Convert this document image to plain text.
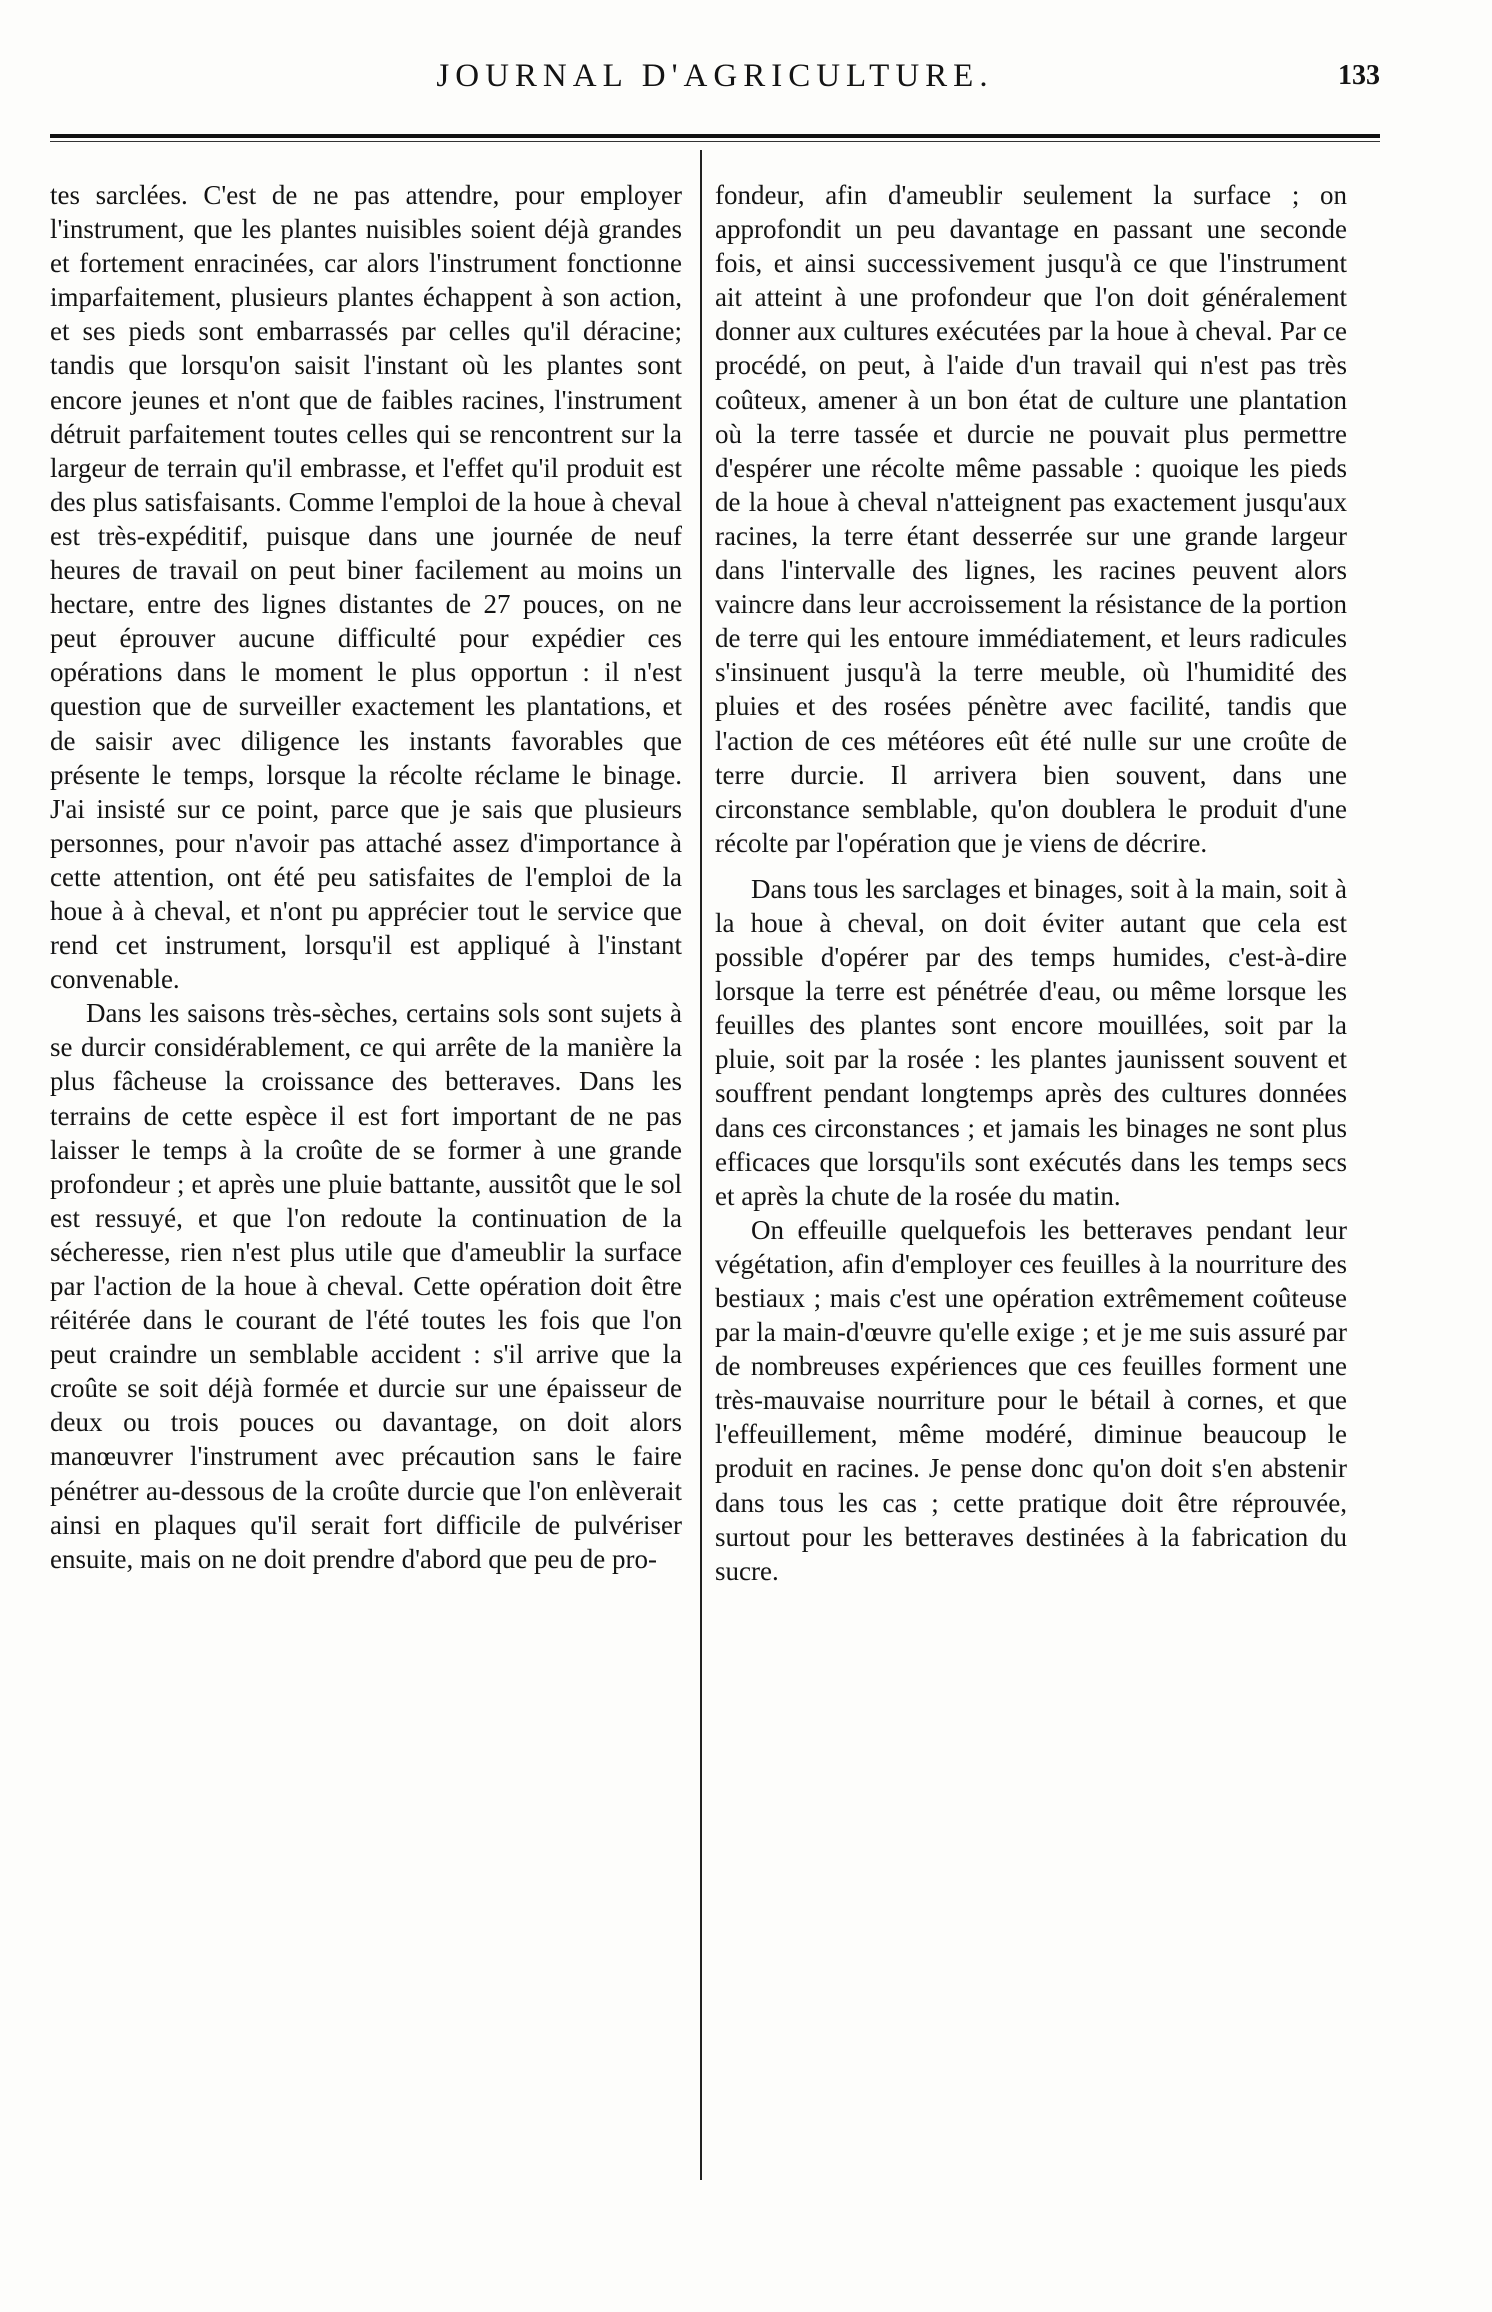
JOURNAL D'AGRICULTURE.	133

tes sarclées. C'est de ne pas attendre, pour employer l'instrument, que les plantes nuisibles soient déjà grandes et fortement enracinées, car alors l'instrument fonctionne imparfaitement, plusieurs plantes échappent à son action, et ses pieds sont embarrassés par celles qu'il déracine; tandis que lorsqu'on saisit l'instant où les plantes sont encore jeunes et n'ont que de faibles racines, l'instrument détruit parfaitement toutes celles qui se rencontrent sur la largeur de terrain qu'il embrasse, et l'effet qu'il produit est des plus satisfaisants. Comme l'emploi de la houe à cheval est très-expéditif, puisque dans une journée de neuf heures de travail on peut biner facilement au moins un hectare, entre des lignes distantes de 27 pouces, on ne peut éprouver aucune difficulté pour expédier ces opérations dans le moment le plus opportun : il n'est question que de surveiller exactement les plantations, et de saisir avec diligence les instants favorables que présente le temps, lorsque la récolte réclame le binage. J'ai insisté sur ce point, parce que je sais que plusieurs personnes, pour n'avoir pas attaché assez d'importance à cette attention, ont été peu satisfaites de l'emploi de la houe à à cheval, et n'ont pu apprécier tout le service que rend cet instrument, lorsqu'il est appliqué à l'instant convenable.

Dans les saisons très-sèches, certains sols sont sujets à se durcir considérablement, ce qui arrête de la manière la plus fâcheuse la croissance des betteraves. Dans les terrains de cette espèce il est fort important de ne pas laisser le temps à la croûte de se former à une grande profondeur ; et après une pluie battante, aussitôt que le sol est ressuyé, et que l'on redoute la continuation de la sécheresse, rien n'est plus utile que d'ameublir la surface par l'action de la houe à cheval. Cette opération doit être réitérée dans le courant de l'été toutes les fois que l'on peut craindre un semblable accident : s'il arrive que la croûte se soit déjà formée et durcie sur une épaisseur de deux ou trois pouces ou davantage, on doit alors manœuvrer l'instrument avec précaution sans le faire pénétrer au-dessous de la croûte durcie que l'on enlèverait ainsi en plaques qu'il serait fort difficile de pulvériser ensuite, mais on ne doit prendre d'abord que peu de pro-

fondeur, afin d'ameublir seulement la surface ; on approfondit un peu davantage en passant une seconde fois, et ainsi successivement jusqu'à ce que l'instrument ait atteint à une profondeur que l'on doit généralement donner aux cultures exécutées par la houe à cheval. Par ce procédé, on peut, à l'aide d'un travail qui n'est pas très coûteux, amener à un bon état de culture une plantation où la terre tassée et durcie ne pouvait plus permettre d'espérer une récolte même passable : quoique les pieds de la houe à cheval n'atteignent pas exactement jusqu'aux racines, la terre étant desserrée sur une grande largeur dans l'intervalle des lignes, les racines peuvent alors vaincre dans leur accroissement la résistance de la portion de terre qui les entoure immédiatement, et leurs radicules s'insinuent jusqu'à la terre meuble, où l'humidité des pluies et des rosées pénètre avec facilité, tandis que l'action de ces météores eût été nulle sur une croûte de terre durcie. Il arrivera bien souvent, dans une circonstance semblable, qu'on doublera le produit d'une récolte par l'opération que je viens de décrire.

Dans tous les sarclages et binages, soit à la main, soit à la houe à cheval, on doit éviter autant que cela est possible d'opérer par des temps humides, c'est-à-dire lorsque la terre est pénétrée d'eau, ou même lorsque les feuilles des plantes sont encore mouillées, soit par la pluie, soit par la rosée : les plantes jaunissent souvent et souffrent pendant longtemps après des cultures données dans ces circonstances ; et jamais les binages ne sont plus efficaces que lorsqu'ils sont exécutés dans les temps secs et après la chute de la rosée du matin.

On effeuille quelquefois les betteraves pendant leur végétation, afin d'employer ces feuilles à la nourriture des bestiaux ; mais c'est une opération extrêmement coûteuse par la main-d'œuvre qu'elle exige ; et je me suis assuré par de nombreuses expériences que ces feuilles forment une très-mauvaise nourriture pour le bétail à cornes, et que l'effeuillement, même modéré, diminue beaucoup le produit en racines. Je pense donc qu'on doit s'en abstenir dans tous les cas ; cette pratique doit être réprouvée, surtout pour les betteraves destinées à la fabrication du sucre.
